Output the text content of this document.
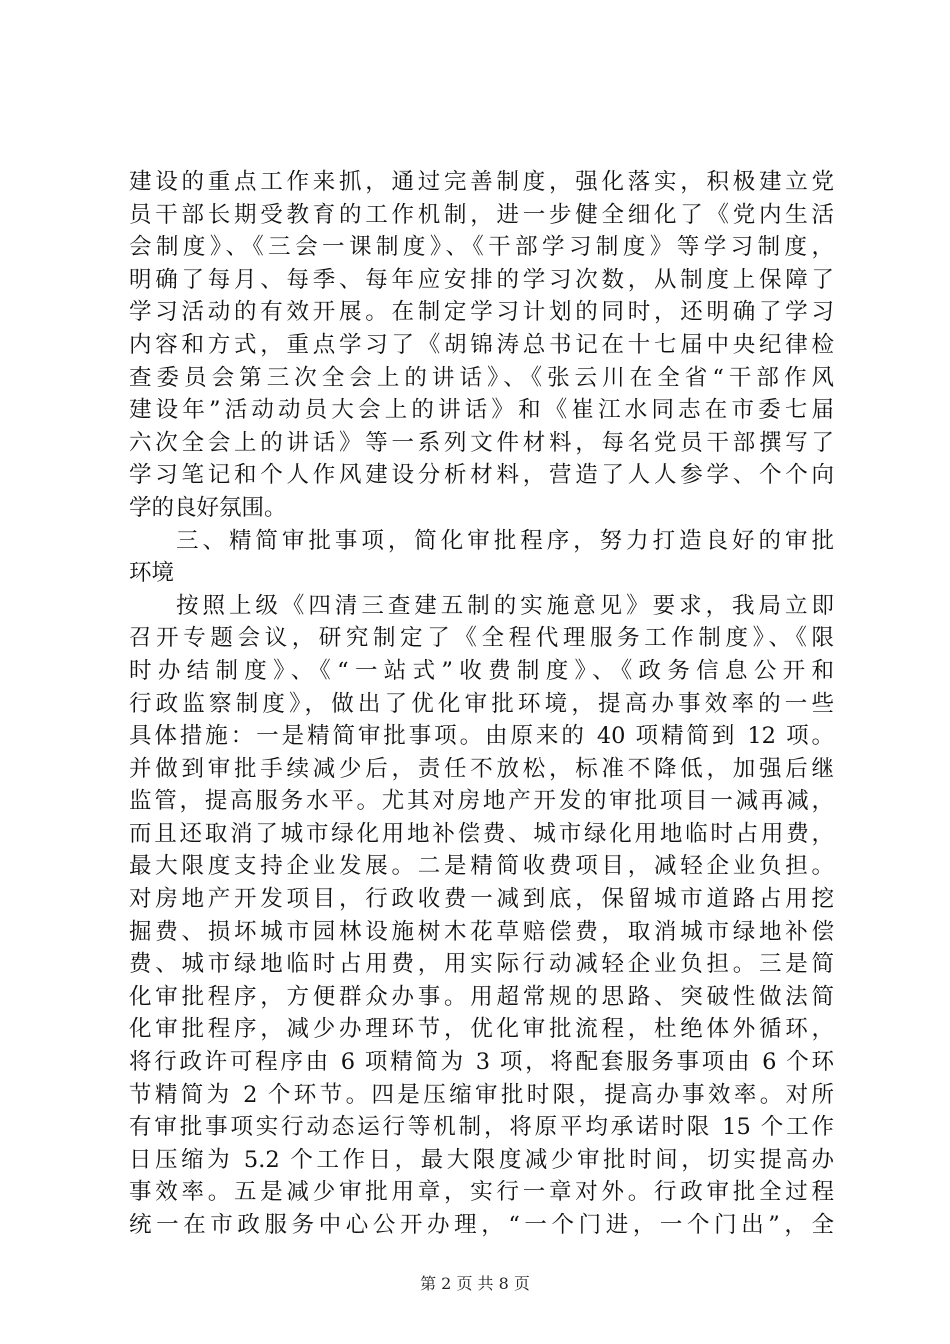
建设的重点工作来抓，通过完善制度，强化落实，积极建立党
员干部长期受教育的工作机制，进一步健全细化了《党内生活
会制度》、《三会一课制度》、《干部学习制度》等学习制度，
明确了每月、每季、每年应安排的学习次数，从制度上保障了
学习活动的有效开展。在制定学习计划的同时，还明确了学习
内容和方式，重点学习了《胡锦涛总书记在十七届中央纪律检
查委员会第三次全会上的讲话》、《张云川在全省“干部作风
建设年”活动动员大会上的讲话》和《崔江水同志在市委七届
六次全会上的讲话》等一系列文件材料，每名党员干部撰写了
学习笔记和个人作风建设分析材料，营造了人人参学、个个向
学的良好氛围。
三、精简审批事项，简化审批程序，努力打造良好的审批
环境
按照上级《四清三查建五制的实施意见》要求，我局立即
召开专题会议，研究制定了《全程代理服务工作制度》、《限
时办结制度》、《“一站式”收费制度》、《政务信息公开和
行政监察制度》，做出了优化审批环境，提高办事效率的一些
具体措施：一是精简审批事项。由原来的 40 项精简到 12 项。
并做到审批手续减少后，责任不放松，标准不降低，加强后继
监管，提高服务水平。尤其对房地产开发的审批项目一减再减，
而且还取消了城市绿化用地补偿费、城市绿化用地临时占用费，
最大限度支持企业发展。二是精简收费项目，减轻企业负担。
对房地产开发项目，行政收费一减到底，保留城市道路占用挖
掘费、损坏城市园林设施树木花草赔偿费，取消城市绿地补偿
费、城市绿地临时占用费，用实际行动减轻企业负担。三是简
化审批程序，方便群众办事。用超常规的思路、突破性做法简
化审批程序，减少办理环节，优化审批流程，杜绝体外循环，
将行政许可程序由 6 项精简为 3 项，将配套服务事项由 6 个环
节精简为 2 个环节。四是压缩审批时限，提高办事效率。对所
有审批事项实行动态运行等机制，将原平均承诺时限 15 个工作
日压缩为 5.2 个工作日，最大限度减少审批时间，切实提高办
事效率。五是减少审批用章，实行一章对外。行政审批全过程
统一在市政服务中心公开办理，“一个门进，一个门出”，全
第 2 页 共 8 页
